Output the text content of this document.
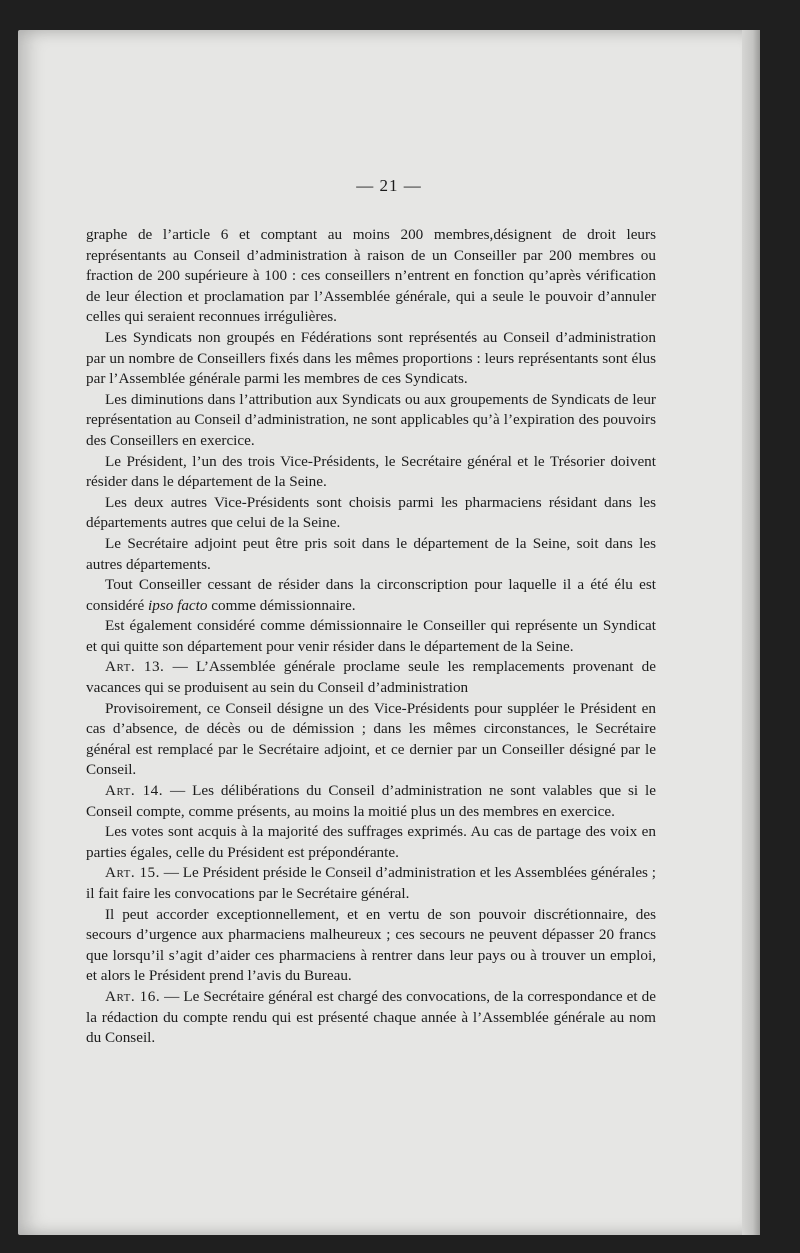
— 21 —

graphe de l’article 6 et comptant au moins 200 membres,désignent de droit leurs représentants au Conseil d’administration à raison de un Conseiller par 200 membres ou fraction de 200 supérieure à 100 : ces conseillers n’entrent en fonction qu’après vérification de leur élection et proclamation par l’Assemblée générale, qui a seule le pouvoir d’annuler celles qui seraient reconnues irrégulières.

Les Syndicats non groupés en Fédérations sont représentés au Conseil d’administration par un nombre de Conseillers fixés dans les mêmes proportions : leurs représentants sont élus par l’Assemblée générale parmi les membres de ces Syndicats.

Les diminutions dans l’attribution aux Syndicats ou aux groupements de Syndicats de leur représentation au Conseil d’administration, ne sont applicables qu’à l’expiration des pouvoirs des Conseillers en exercice.

Le Président, l’un des trois Vice-Présidents, le Secrétaire général et le Trésorier doivent résider dans le département de la Seine.

Les deux autres Vice-Présidents sont choisis parmi les pharmaciens résidant dans les départements autres que celui de la Seine.

Le Secrétaire adjoint peut être pris soit dans le département de la Seine, soit dans les autres départements.

Tout Conseiller cessant de résider dans la circonscription pour laquelle il a été élu est considéré ipso facto comme démissionnaire.

Est également considéré comme démissionnaire le Conseiller qui représente un Syndicat et qui quitte son département pour venir résider dans le département de la Seine.

Art. 13. — L’Assemblée générale proclame seule les remplacements provenant de vacances qui se produisent au sein du Conseil d’administration

Provisoirement, ce Conseil désigne un des Vice-Présidents pour suppléer le Président en cas d’absence, de décès ou de démission ; dans les mêmes circonstances, le Secrétaire général est remplacé par le Secrétaire adjoint, et ce dernier par un Conseiller désigné par le Conseil.

Art. 14. — Les délibérations du Conseil d’administration ne sont valables que si le Conseil compte, comme présents, au moins la moitié plus un des membres en exercice.

Les votes sont acquis à la majorité des suffrages exprimés. Au cas de partage des voix en parties égales, celle du Président est prépondérante.

Art. 15. — Le Président préside le Conseil d’administration et les Assemblées générales ; il fait faire les convocations par le Secrétaire général.

Il peut accorder exceptionnellement, et en vertu de son pouvoir discrétionnaire, des secours d’urgence aux pharmaciens malheureux ; ces secours ne peuvent dépasser 20 francs que lorsqu’il s’agit d’aider ces pharmaciens à rentrer dans leur pays ou à trouver un emploi, et alors le Président prend l’avis du Bureau.

Art. 16. — Le Secrétaire général est chargé des convocations, de la correspondance et de la rédaction du compte rendu qui est présenté chaque année à l’Assemblée générale au nom du Conseil.
